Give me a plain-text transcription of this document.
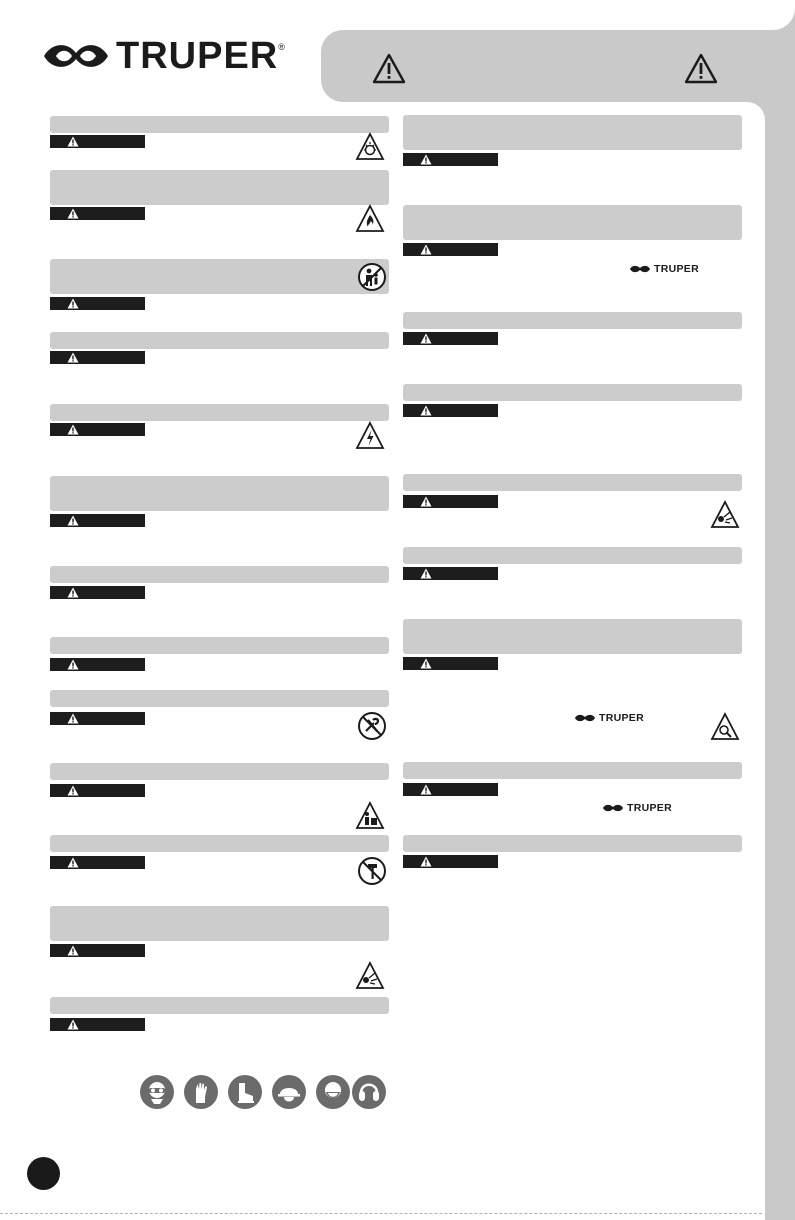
TRUPER ®
TRUPER
TRUPER
TRUPER
